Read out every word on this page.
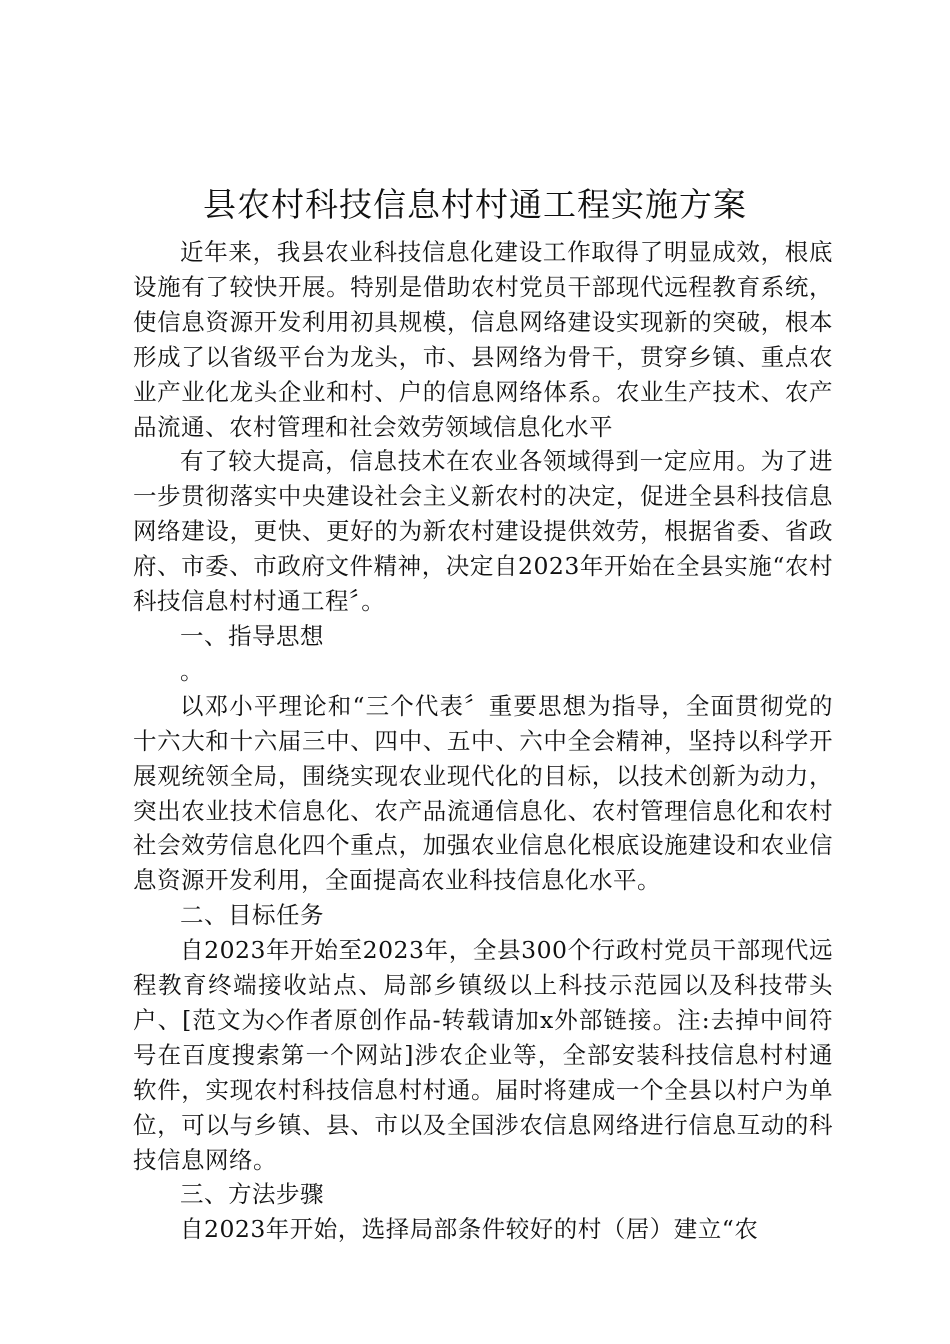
县农村科技信息村村通工程实施方案

近年来，我县农业科技信息化建设工作取得了明显成效，根底设施有了较快开展。特别是借助农村党员干部现代远程教育系统，使信息资源开发利用初具规模，信息网络建设实现新的突破，根本形成了以省级平台为龙头，市、县网络为骨干，贯穿乡镇、重点农业产业化龙头企业和村、户的信息网络体系。农业生产技术、农产品流通、农村管理和社会效劳领域信息化水平

有了较大提高，信息技术在农业各领域得到一定应用。为了进一步贯彻落实中央建设社会主义新农村的决定，促进全县科技信息网络建设，更快、更好的为新农村建设提供效劳，根据省委、省政府、市委、市政府文件精神，决定自2023年开始在全县实施“农村科技信息村村通工程〞。

一、指导思想

。

以邓小平理论和“三个代表〞重要思想为指导，全面贯彻党的十六大和十六届三中、四中、五中、六中全会精神，坚持以科学开展观统领全局，围绕实现农业现代化的目标，以技术创新为动力，突出农业技术信息化、农产品流通信息化、农村管理信息化和农村社会效劳信息化四个重点，加强农业信息化根底设施建设和农业信息资源开发利用，全面提高农业科技信息化水平。

二、目标任务

自2023年开始至2023年，全县300个行政村党员干部现代远程教育终端接收站点、局部乡镇级以上科技示范园以及科技带头户、[范文为◇作者原创作品-转载请加x外部链接。注:去掉中间符号在百度搜索第一个网站]涉农企业等，全部安装科技信息村村通软件，实现农村科技信息村村通。届时将建成一个全县以村户为单位，可以与乡镇、县、市以及全国涉农信息网络进行信息互动的科技信息网络。

三、方法步骤

自2023年开始，选择局部条件较好的村（居）建立“农
